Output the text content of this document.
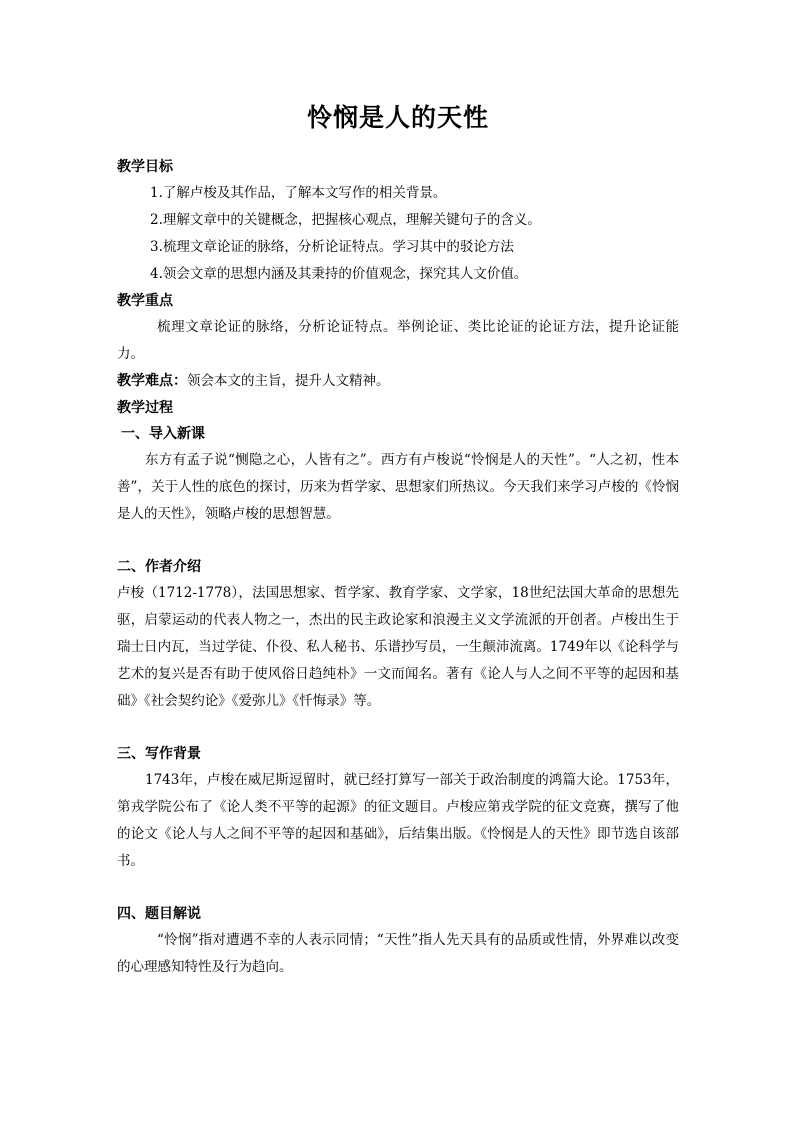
怜悯是人的天性
教学目标
1.了解卢梭及其作品，了解本文写作的相关背景。
2.理解文章中的关键概念，把握核心观点，理解关键句子的含义。
3.梳理文章论证的脉络，分析论证特点。学习其中的驳论方法
4.领会文章的思想内涵及其秉持的价值观念，探究其人文价值。
教学重点

梳理文章论证的脉络，分析论证特点。举例论证、类比论证的论证方法，提升论证能力。

教学难点：领会本文的主旨，提升人文精神。
教学过程
一、导入新课

东方有孟子说“恻隐之心，人皆有之”。西方有卢梭说“怜悯是人的天性”。“人之初，性本善”，关于人性的底色的探讨，历来为哲学家、思想家们所热议。今天我们来学习卢梭的《怜悯是人的天性》，领略卢梭的思想智慧。

二、作者介绍

卢梭（1712-1778），法国思想家、哲学家、教育学家、文学家，18世纪法国大革命的思想先驱，启蒙运动的代表人物之一，杰出的民主政论家和浪漫主义文学流派的开创者。卢梭出生于瑞士日内瓦，当过学徒、仆役、私人秘书、乐谱抄写员，一生颠沛流离。1749年以《论科学与艺术的复兴是否有助于使风俗日趋纯朴》一文而闻名。著有《论人与人之间不平等的起因和基础》《社会契约论》《爱弥儿》《忏悔录》等。

三、写作背景

1743年，卢梭在威尼斯逗留时，就已经打算写一部关于政治制度的鸿篇大论。1753年，第戎学院公布了《论人类不平等的起源》的征文题目。卢梭应第戎学院的征文竞赛，撰写了他的论文《论人与人之间不平等的起因和基础》，后结集出版。《怜悯是人的天性》即节选自该部书。

四、题目解说

“怜悯”指对遭遇不幸的人表示同情；“天性”指人先天具有的品质或性情，外界难以改变的心理感知特性及行为趋向。
